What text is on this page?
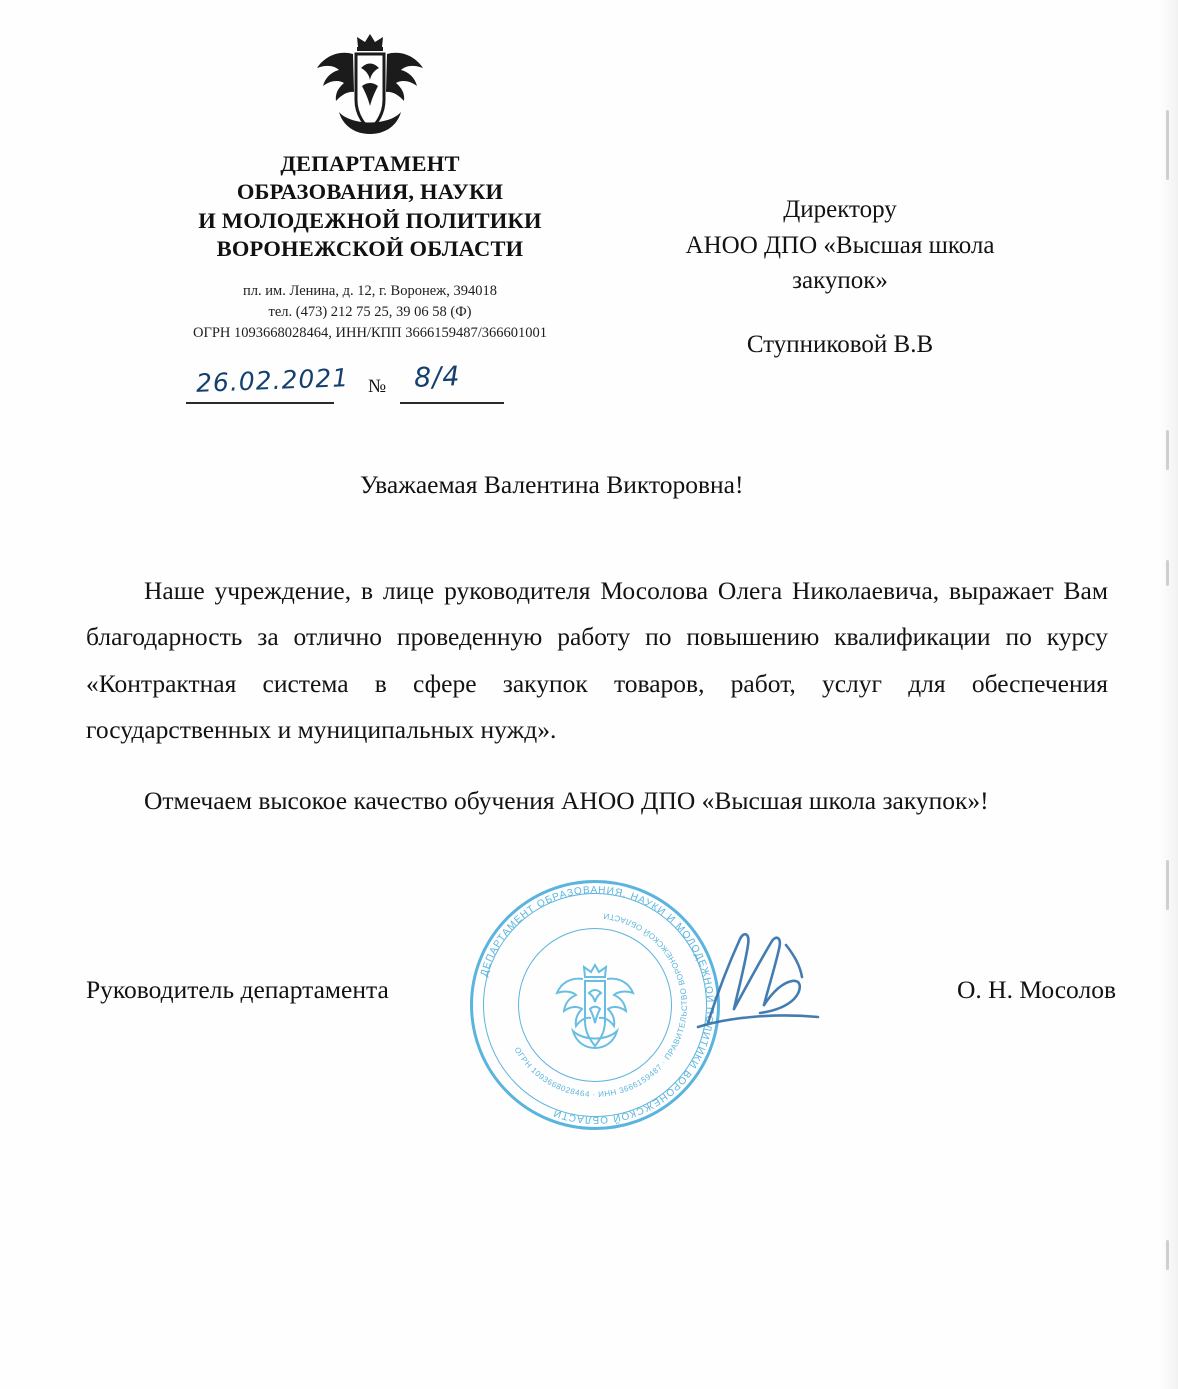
ДЕПАРТАМЕНТ
ОБРАЗОВАНИЯ, НАУКИ
И МОЛОДЕЖНОЙ ПОЛИТИКИ
ВОРОНЕЖСКОЙ ОБЛАСТИ
пл. им. Ленина, д. 12, г. Воронеж, 394018
тел. (473) 212 75 25, 39 06 58 (Ф)
ОГРН 1093668028464, ИНН/КПП 3666159487/366601001
26.02.2021 № 8/4
Директору
АНОО ДПО «Высшая школа закупок»
Ступниковой В.В
Уважаемая Валентина Викторовна!

Наше учреждение, в лице руководителя Мосолова Олега Николаевича, выражает Вам благодарность за отлично проведенную работу по повышению квалификации по курсу «Контрактная система в сфере закупок товаров, работ, услуг для обеспечения государственных и муниципальных нужд».

Отмечаем высокое качество обучения АНОО ДПО «Высшая школа закупок»!

ДЕПАРТАМЕНТ ОБРАЗОВАНИЯ, НАУКИ И МОЛОДЕЖНОЙ ПОЛИТИКИ ВОРОНЕЖСКОЙ ОБЛАСТИ
ОГРН 1093668028464 · ИНН 3666159487 · ПРАВИТЕЛЬСТВО ВОРОНЕЖСКОЙ ОБЛАСТИ
Руководитель департамента	О. Н. Мосолов
